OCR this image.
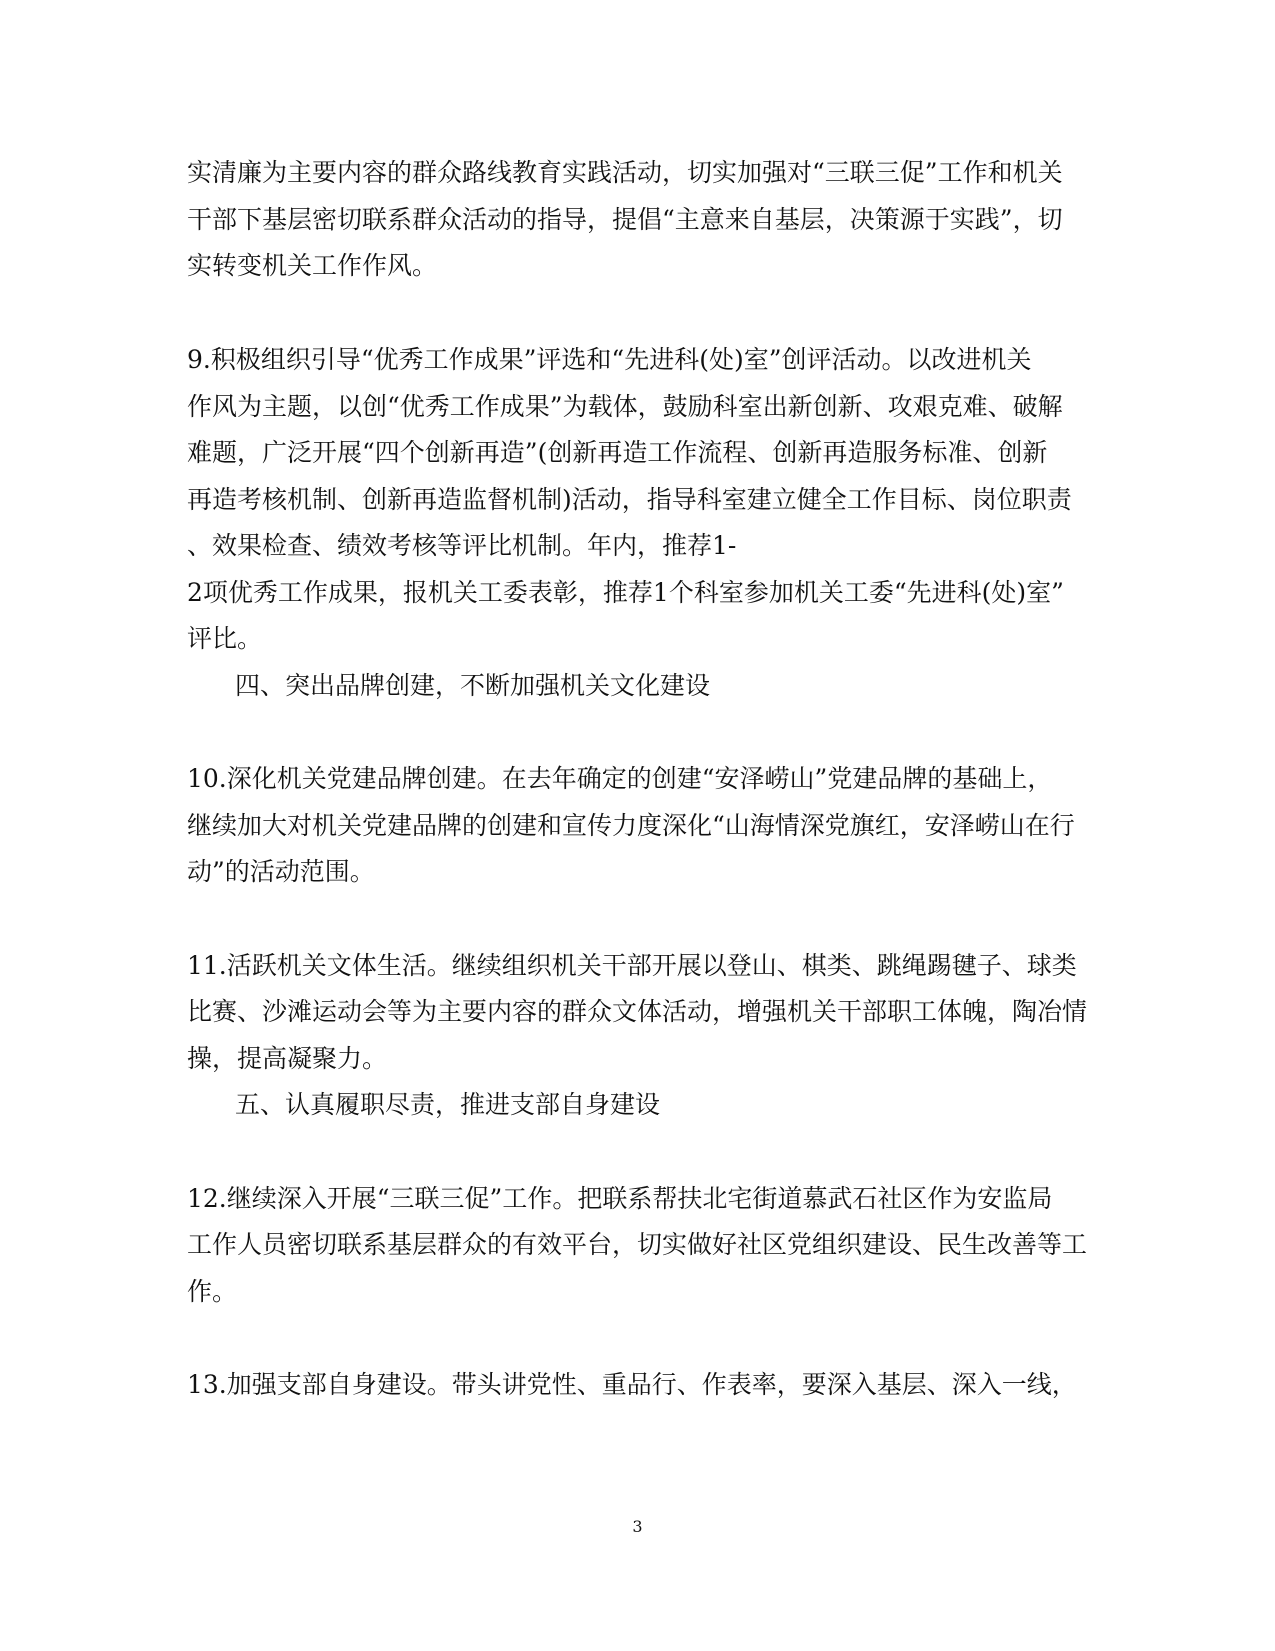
实清廉为主要内容的群众路线教育实践活动，切实加强对“三联三促”工作和机关
干部下基层密切联系群众活动的指导，提倡“主意来自基层，决策源于实践”，切
实转变机关工作作风。
9.积极组织引导“优秀工作成果”评选和“先进科(处)室”创评活动。以改进机关
作风为主题，以创“优秀工作成果”为载体，鼓励科室出新创新、攻艰克难、破解
难题，广泛开展“四个创新再造”(创新再造工作流程、创新再造服务标准、创新
再造考核机制、创新再造监督机制)活动，指导科室建立健全工作目标、岗位职责
、效果检查、绩效考核等评比机制。年内，推荐1-
2项优秀工作成果，报机关工委表彰，推荐1个科室参加机关工委“先进科(处)室”
评比。
四、突出品牌创建，不断加强机关文化建设
10.深化机关党建品牌创建。在去年确定的创建“安泽崂山”党建品牌的基础上，
继续加大对机关党建品牌的创建和宣传力度深化“山海情深党旗红，安泽崂山在行
动”的活动范围。
11.活跃机关文体生活。继续组织机关干部开展以登山、棋类、跳绳踢毽子、球类
比赛、沙滩运动会等为主要内容的群众文体活动，增强机关干部职工体魄，陶冶情
操，提高凝聚力。
五、认真履职尽责，推进支部自身建设
12.继续深入开展“三联三促”工作。把联系帮扶北宅街道慕武石社区作为安监局
工作人员密切联系基层群众的有效平台，切实做好社区党组织建设、民生改善等工
作。
13.加强支部自身建设。带头讲党性、重品行、作表率，要深入基层、深入一线，
3
